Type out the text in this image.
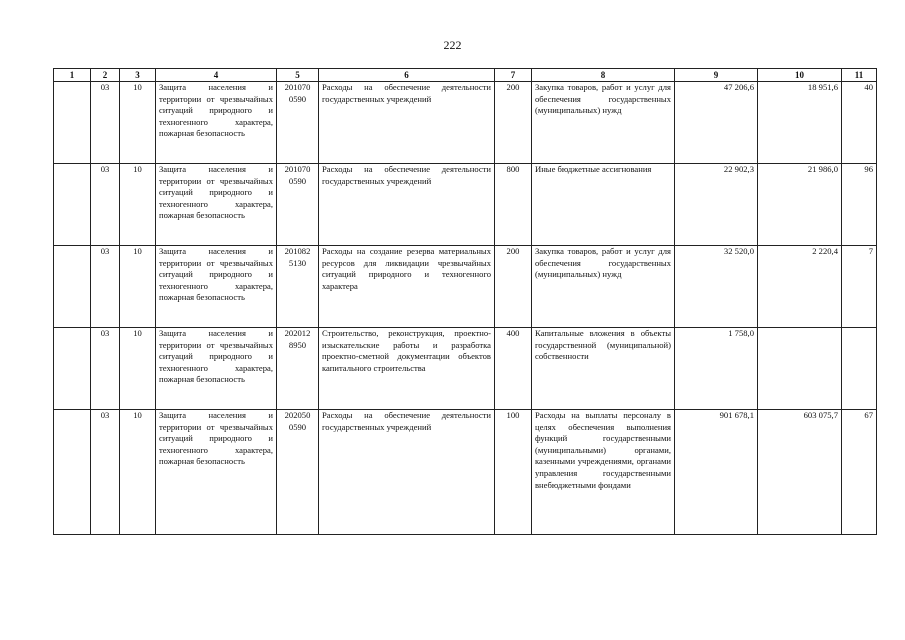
222
1	2	3	4	5	6	7	8	9	10	11
	03	10	Защита населения и территории от чрезвычайных ситуаций природного и техногенного характера, пожарная безопасность	201070 0590	Расходы на обеспечение деятельности государственных учреждений	200	Закупка товаров, работ и услуг для обеспечения государственных (муниципальных) нужд	47 206,6	18 951,6	40
	03	10	Защита населения и территории от чрезвычайных ситуаций природного и техногенного характера, пожарная безопасность	201070 0590	Расходы на обеспечение деятельности государственных учреждений	800	Иные бюджетные ассигнования	22 902,3	21 986,0	96
	03	10	Защита населения и территории от чрезвычайных ситуаций природного и техногенного характера, пожарная безопасность	201082 5130	Расходы на создание резерва материальных ресурсов для ликвидации чрезвычайных ситуаций природного и техногенного характера	200	Закупка товаров, работ и услуг для обеспечения государственных (муниципальных) нужд	32 520,0	2 220,4	7
	03	10	Защита населения и территории от чрезвычайных ситуаций природного и техногенного характера, пожарная безопасность	202012 8950	Строительство, реконструкция, проектно-изыскательские работы и разработка проектно-сметной документации объектов капитального строительства	400	Капитальные вложения в объекты государственной (муниципальной) собственности	1 758,0		
	03	10	Защита населения и территории от чрезвычайных ситуаций природного и техногенного характера, пожарная безопасность	202050 0590	Расходы на обеспечение деятельности государственных учреждений	100	Расходы на выплаты персоналу в целях обеспечения выполнения функций государственными (муниципальными) органами, казенными учреждениями, органами управления государственными внебюджетными фондами	901 678,1	603 075,7	67
